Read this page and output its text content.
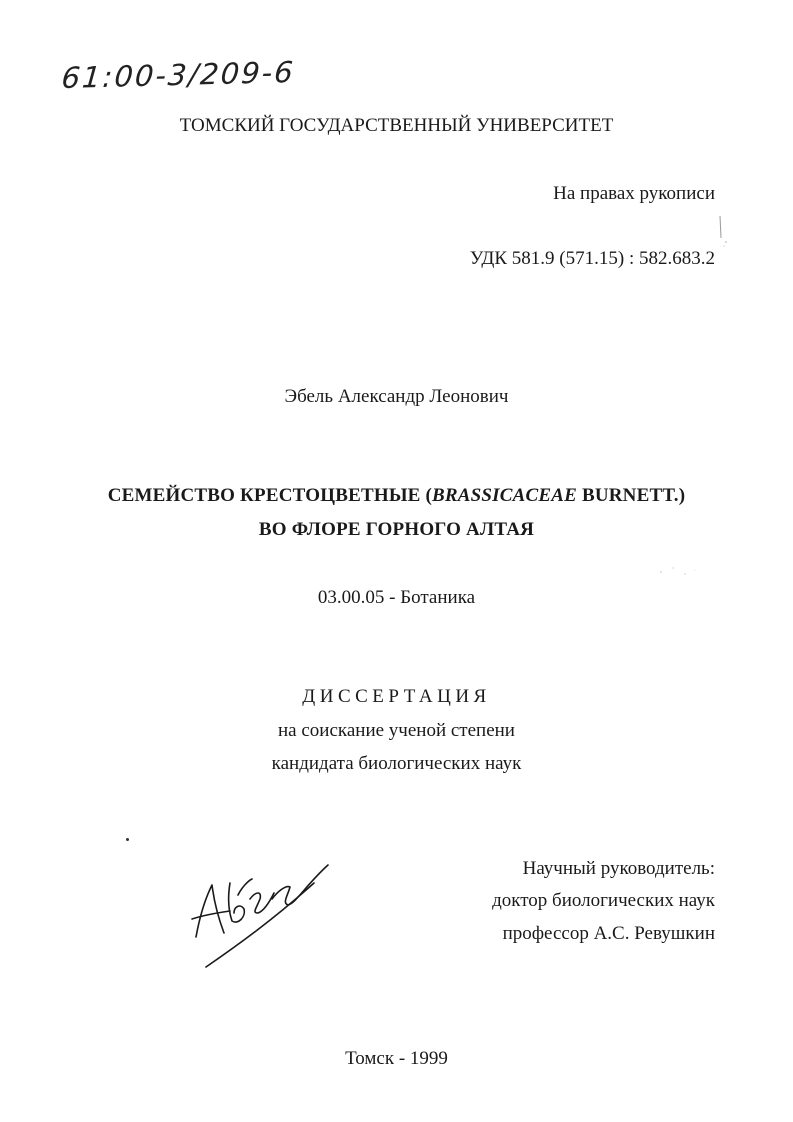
61:00-3/209-6
ТОМСКИЙ ГОСУДАРСТВЕННЫЙ УНИВЕРСИТЕТ
На правах рукописи
УДК 581.9 (571.15) : 582.683.2
Эбель Александр Леонович
СЕМЕЙСТВО КРЕСТОЦВЕТНЫЕ (BRASSICACEAE BURNETT.)
ВО ФЛОРЕ ГОРНОГО АЛТАЯ
03.00.05 - Ботаника
ДИССЕРТАЦИЯ
на соискание ученой степени
кандидата биологических наук
Научный руководитель:
доктор биологических наук
профессор А.С. Ревушкин
Томск - 1999
